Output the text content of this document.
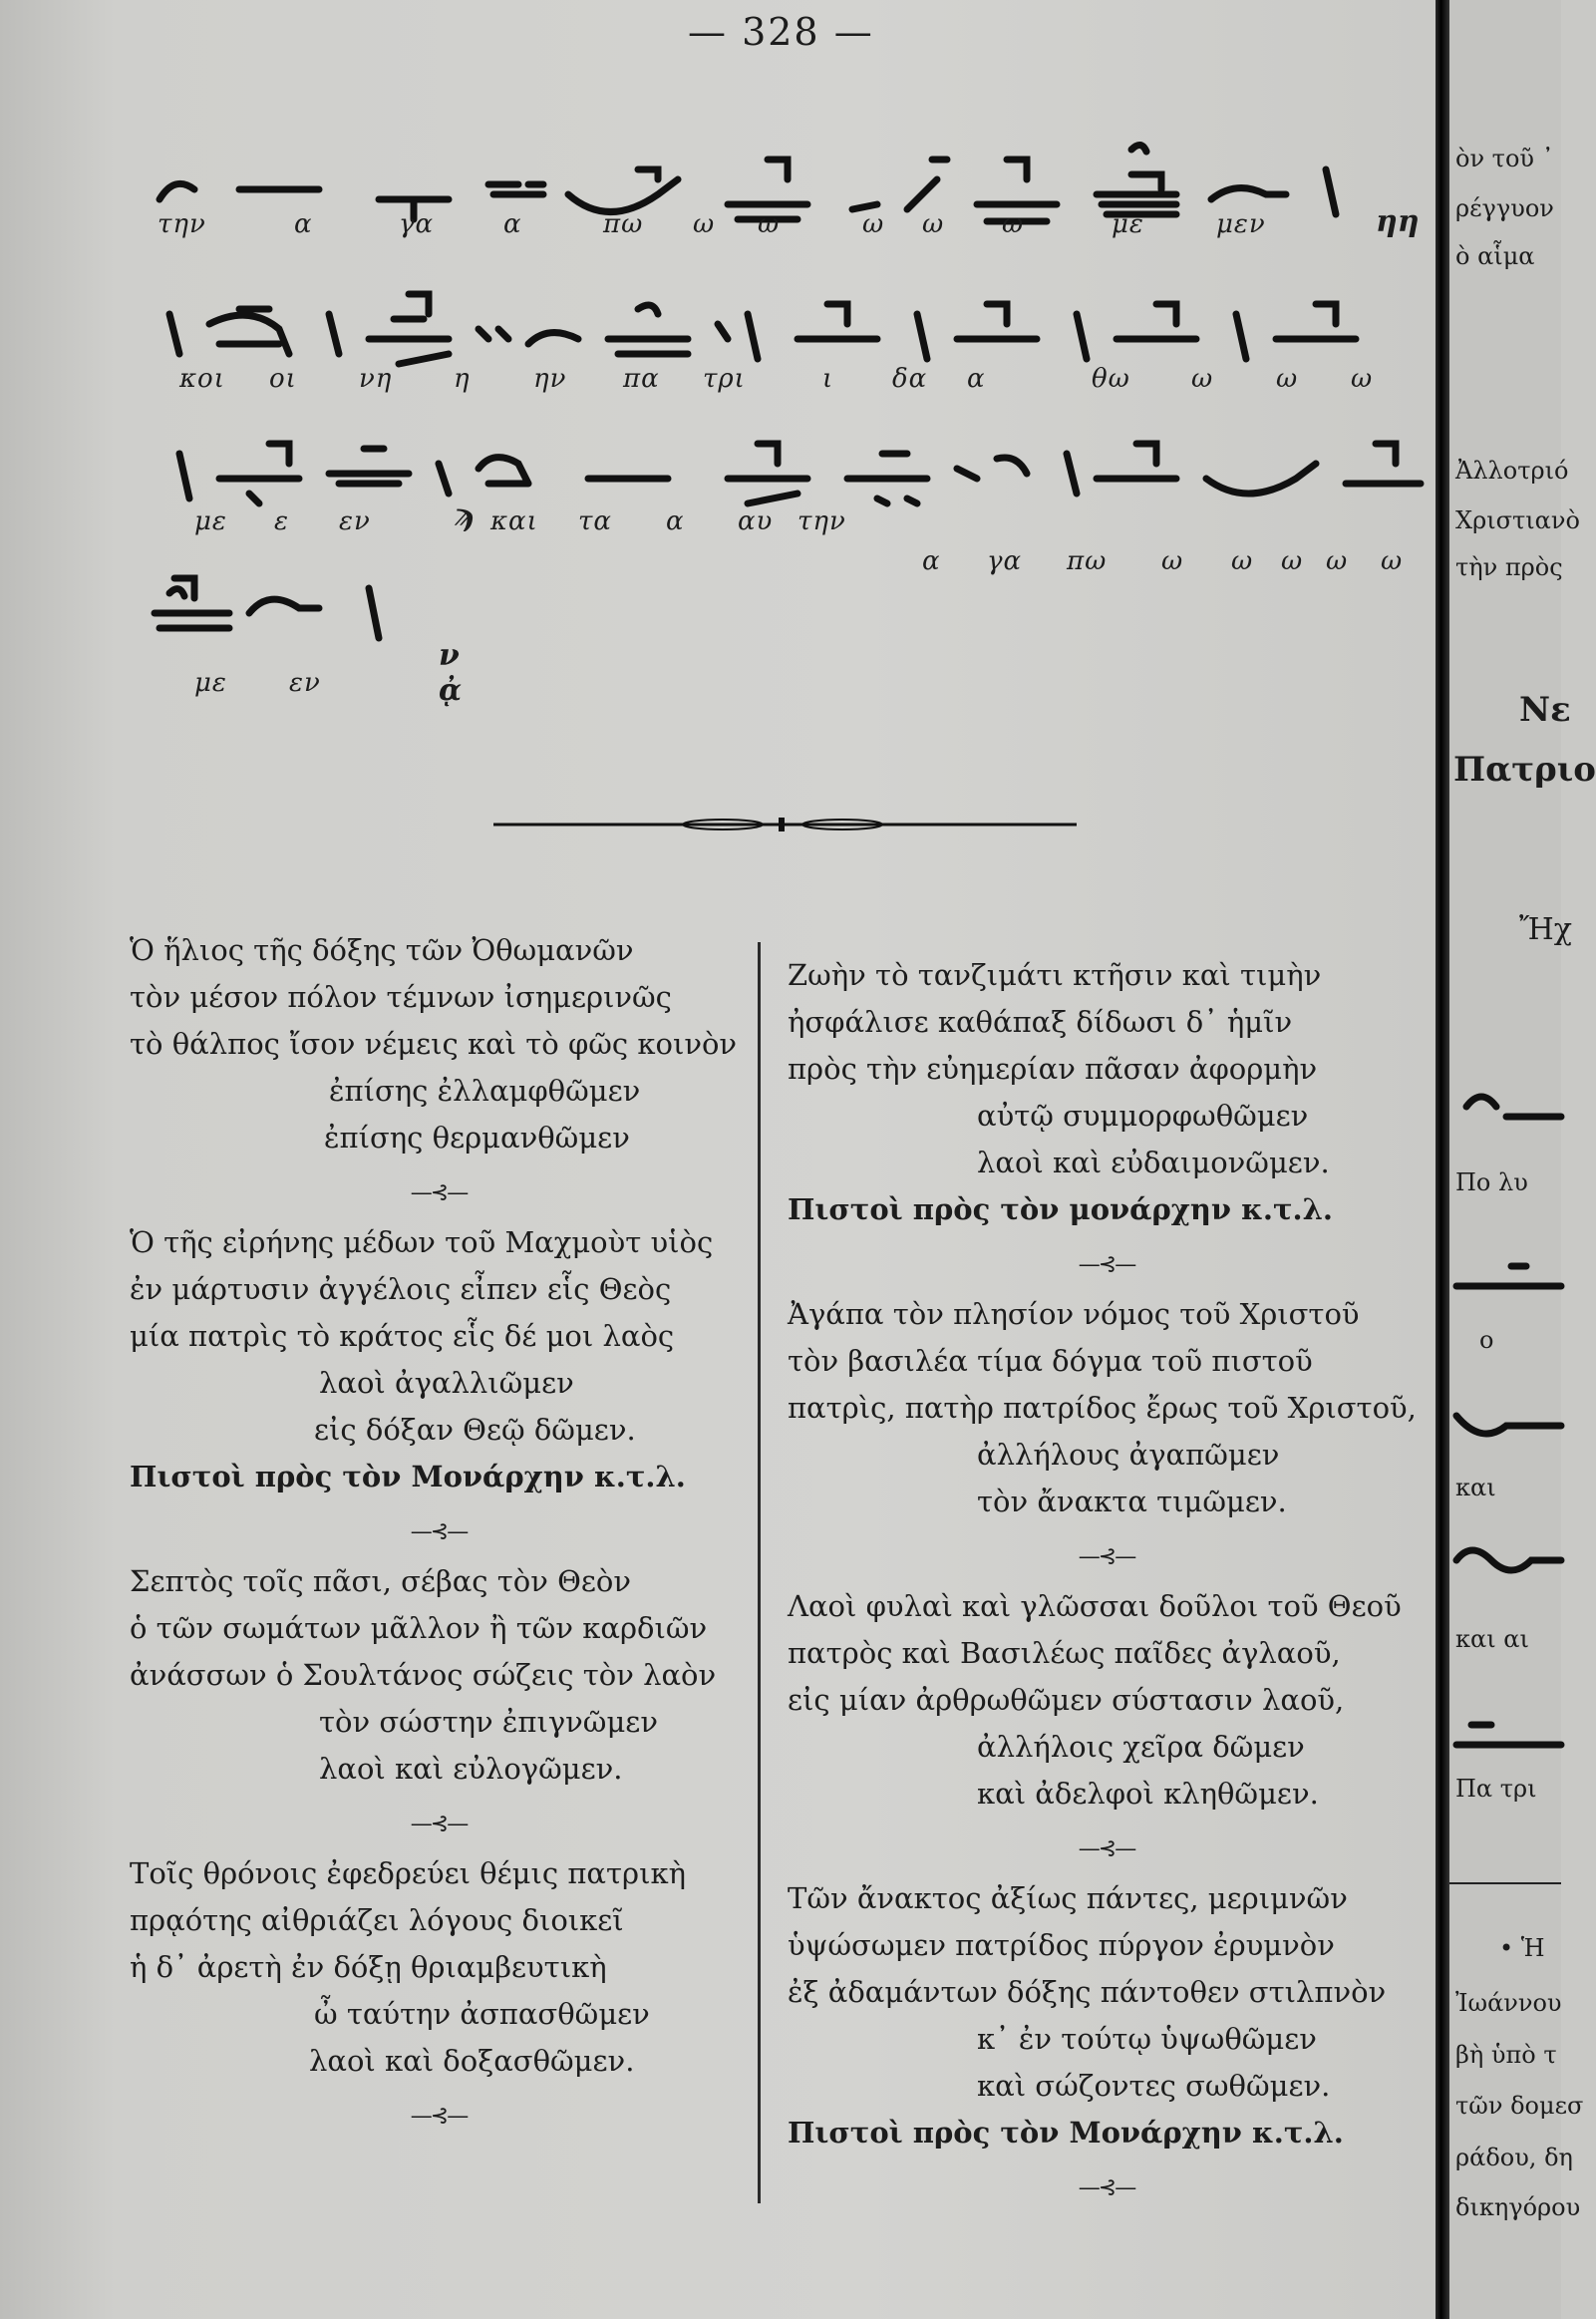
— 328 —
την	α	γα	α	πω ω ω	ω ω ω	με	μεν	ηη
κοι οι νη η ην πα τρι	ι δα α	θω ω ω ω
με ε εν	ϡ και τα α αυ την
α γα πω ω ω ω ω ω
με εν
ν
ᾀ
Ὁ ἥλιος τῆς δόξης τῶν Ὀθωμανῶν
τὸν μέσον πόλον τέμνων ἰσημερινῶς
τὸ θάλπος ἴσον νέμεις καὶ τὸ φῶς κοινὸν
ἐπίσης ἐλλαμφθῶμεν
ἐπίσης θερμανθῶμεν
—⊰—
Ὁ τῆς εἰρήνης μέδων τοῦ Μαχμοὺτ υἱὸς
ἐν μάρτυσιν ἀγγέλοις εἶπεν εἷς Θεὸς
μία πατρὶς τὸ κράτος εἷς δέ μοι λαὸς
λαοὶ ἀγαλλιῶμεν
εἰς δόξαν Θεῷ δῶμεν.
Πιστοὶ πρὸς τὸν Μονάρχην κ.τ.λ.
—⊰—
Σεπτὸς τοῖς πᾶσι, σέβας τὸν Θεὸν
ὁ τῶν σωμάτων μᾶλλον ἢ τῶν καρδιῶν
ἀνάσσων ὁ Σουλτάνος σώζεις τὸν λαὸν
τὸν σώστην ἐπιγνῶμεν
λαοὶ καὶ εὐλογῶμεν.
—⊰—
Τοῖς θρόνοις ἐφεδρεύει θέμις πατρικὴ
πρᾳότης αἰθριάζει λόγους διοικεῖ
ἡ δ᾽ ἀρετὴ ἐν δόξῃ θριαμβευτικὴ
ὦ ταύτην ἀσπασθῶμεν
λαοὶ καὶ δοξασθῶμεν.
—⊰—
Ζωὴν τὸ τανζιμάτι κτῆσιν καὶ τιμὴν
ἠσφάλισε καθάπαξ δίδωσι δ᾽ ἡμῖν
πρὸς τὴν εὐημερίαν πᾶσαν ἀφορμὴν
αὐτῷ συμμορφωθῶμεν
λαοὶ καὶ εὐδαιμονῶμεν.
Πιστοὶ πρὸς τὸν μονάρχην κ.τ.λ.
—⊰—
Ἀγάπα τὸν πλησίον νόμος τοῦ Χριστοῦ
τὸν βασιλέα τίμα δόγμα τοῦ πιστοῦ
πατρὶς, πατὴρ πατρίδος ἔρως τοῦ Χριστοῦ,
ἀλλήλους ἀγαπῶμεν
τὸν ἄνακτα τιμῶμεν.
—⊰—
Λαοὶ φυλαὶ καὶ γλῶσσαι δοῦλοι τοῦ Θεοῦ
πατρὸς καὶ Βασιλέως παῖδες ἀγλαοῦ,
εἰς μίαν ἀρθρωθῶμεν σύστασιν λαοῦ,
ἀλλήλοις χεῖρα δῶμεν
καὶ ἀδελφοὶ κληθῶμεν.
—⊰—
Τῶν ἄνακτος ἀξίως πάντες, μεριμνῶν
ὑψώσωμεν πατρίδος πύργον ἐρυμνὸν
ἐξ ἀδαμάντων δόξης πάντοθεν στιλπνὸν
κ᾽ ἐν τούτῳ ὑψωθῶμεν
καὶ σώζοντες σωθῶμεν.
Πιστοὶ πρὸς τὸν Μονάρχην κ.τ.λ.
—⊰—
ὸν τοῦ ᾿
ρέγγυον
ὸ αἷμα
Ἀλλοτριό
Χριστιανὸ
τὴν πρὸς
Νε
Πατριο
Ἤχ
Πο λυ
ο
και
και αι
Πα τρι
• Ἡ
Ἰωάννου
βὴ ὑπὸ τ
τῶν δομεσ
ράδου, δη
δικηγόρου
